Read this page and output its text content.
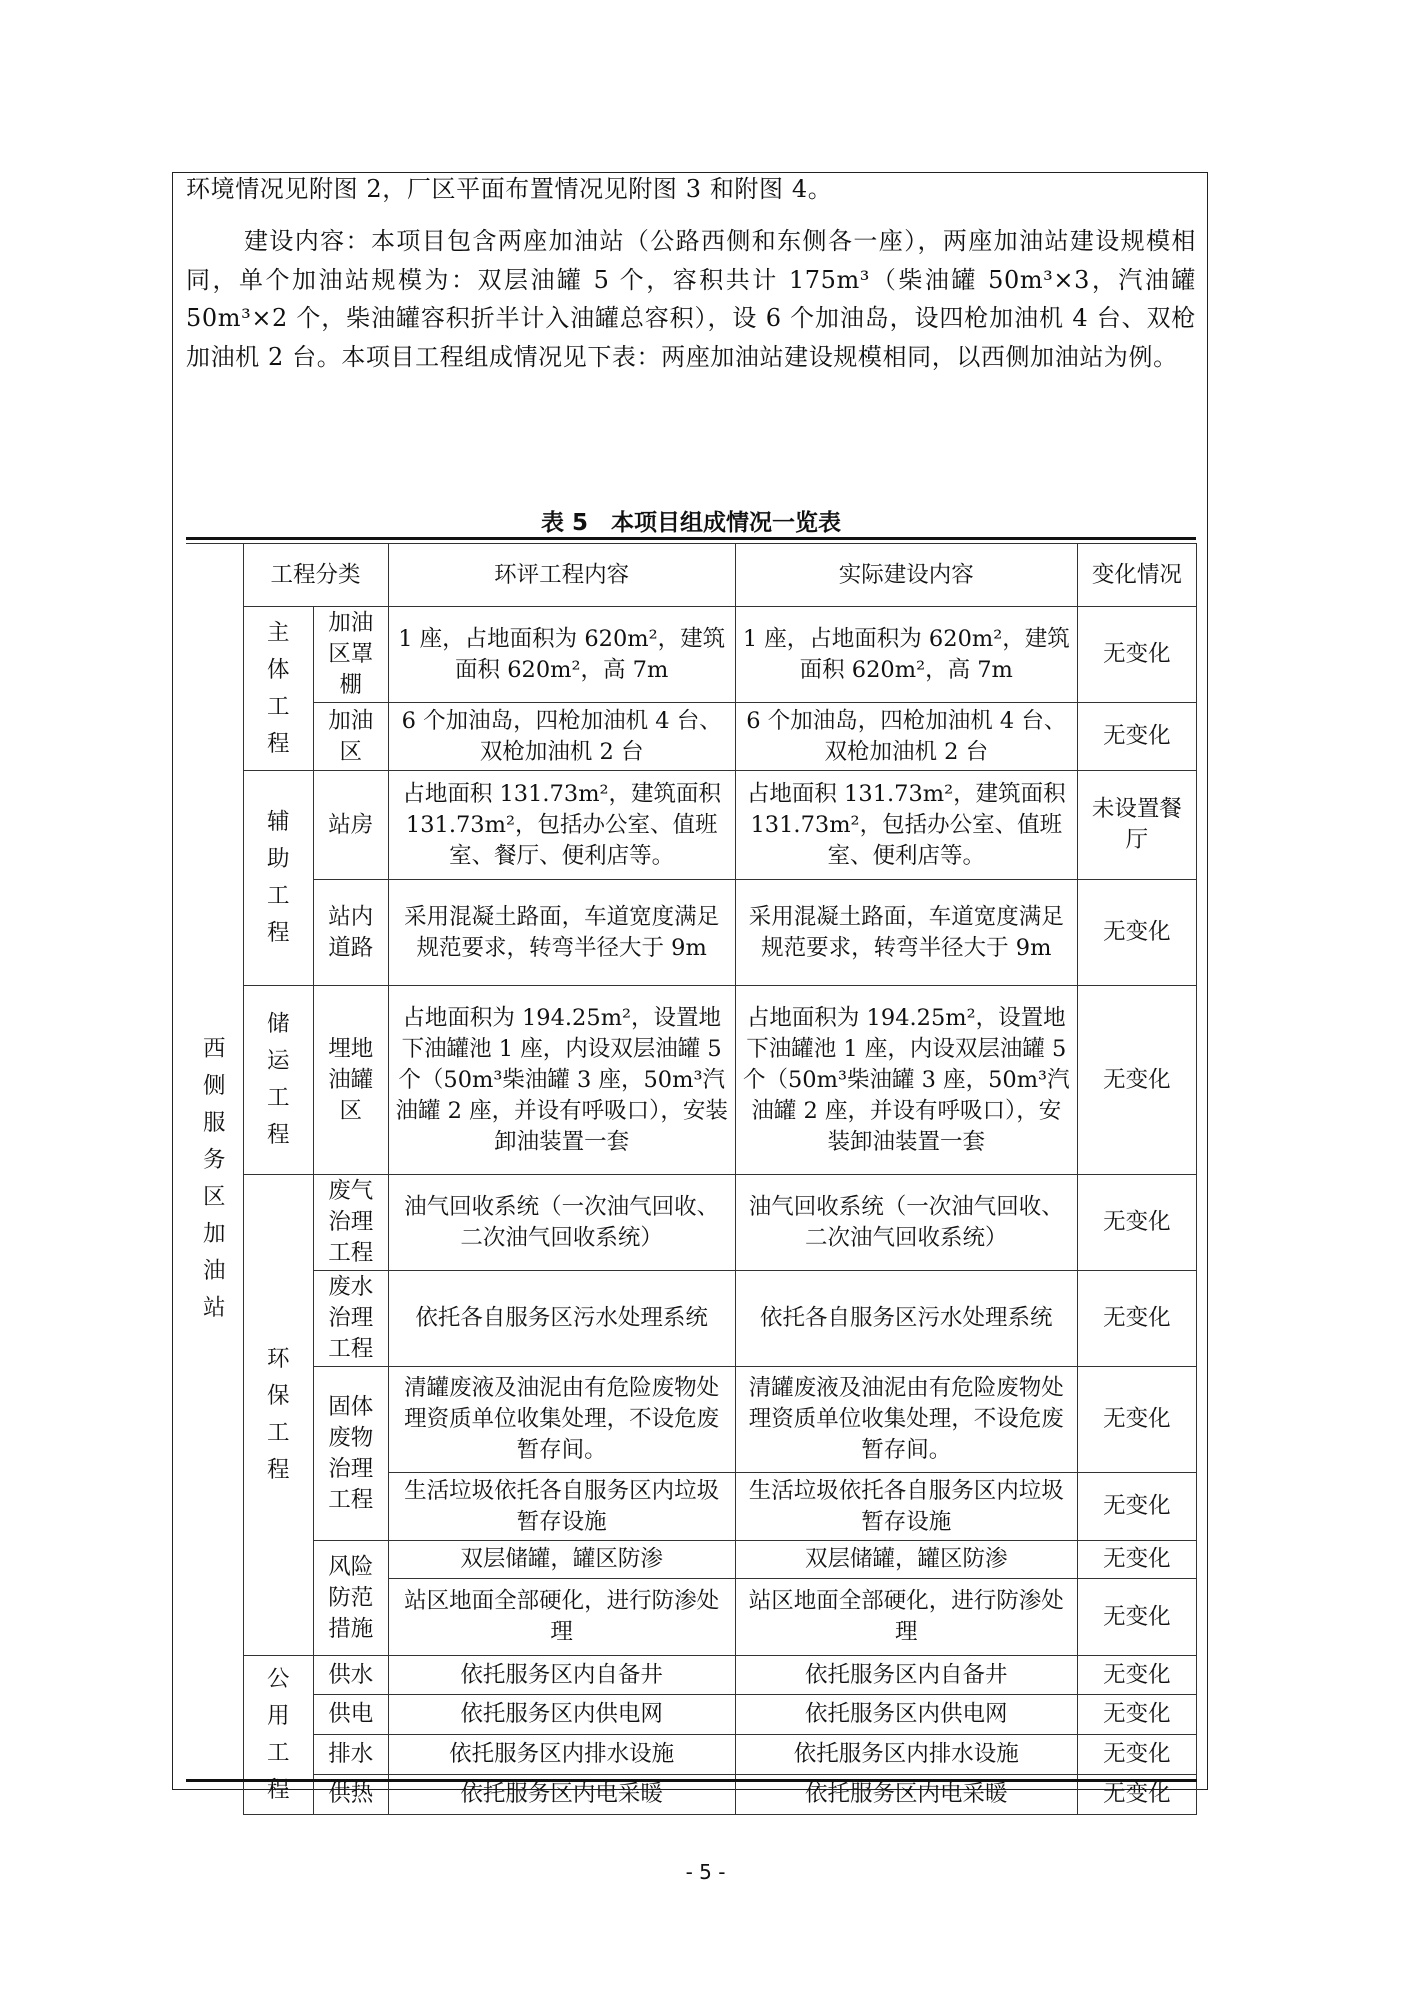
环境情况见附图 2，厂区平面布置情况见附图 3 和附图 4。

建设内容：本项目包含两座加油站（公路西侧和东侧各一座），两座加油站建设规模相同，单个加油站规模为：双层油罐 5 个，容积共计 175m³（柴油罐 50m³×3，汽油罐 50m³×2 个，柴油罐容积折半计入油罐总容积），设 6 个加油岛，设四枪加油机 4 台、双枪加油机 2 台。本项目工程组成情况见下表：两座加油站建设规模相同，以西侧加油站为例。

表 5　本项目组成情况一览表
西侧服务区加油站	工程分类		环评工程内容	实际建设内容	变化情况
	主体工程	加油区罩棚	1 座，占地面积为 620m²，建筑面积 620m²，高 7m	1 座，占地面积为 620m²，建筑面积 620m²，高 7m	无变化
		加油区	6 个加油岛，四枪加油机 4 台、双枪加油机 2 台	6 个加油岛，四枪加油机 4 台、双枪加油机 2 台	无变化
	辅助工程	站房	占地面积 131.73m²，建筑面积 131.73m²，包括办公室、值班室、餐厅、便利店等。	占地面积 131.73m²，建筑面积 131.73m²，包括办公室、值班室、便利店等。	未设置餐厅
		站内道路	采用混凝土路面，车道宽度满足规范要求，转弯半径大于 9m	采用混凝土路面，车道宽度满足规范要求，转弯半径大于 9m	无变化
	储运工程	埋地油罐区	占地面积为 194.25m²，设置地下油罐池 1 座，内设双层油罐 5 个（50m³柴油罐 3 座，50m³汽油罐 2 座，并设有呼吸口），安装卸油装置一套	占地面积为 194.25m²，设置地下油罐池 1 座，内设双层油罐 5 个（50m³柴油罐 3 座，50m³汽油罐 2 座，并设有呼吸口），安装卸油装置一套	无变化
	环保工程	废气治理工程	油气回收系统（一次油气回收、二次油气回收系统）	油气回收系统（一次油气回收、二次油气回收系统）	无变化
		废水治理工程	依托各自服务区污水处理系统	依托各自服务区污水处理系统	无变化
		固体废物治理工程	清罐废液及油泥由有危险废物处理资质单位收集处理，不设危废暂存间。	清罐废液及油泥由有危险废物处理资质单位收集处理，不设危废暂存间。	无变化
			生活垃圾依托各自服务区内垃圾暂存设施	生活垃圾依托各自服务区内垃圾暂存设施	无变化
		风险防范措施	双层储罐，罐区防渗	双层储罐，罐区防渗	无变化
			站区地面全部硬化，进行防渗处理	站区地面全部硬化，进行防渗处理	无变化
	公用工程	供水	依托服务区内自备井	依托服务区内自备井	无变化
		供电	依托服务区内供电网	依托服务区内供电网	无变化
		排水	依托服务区内排水设施	依托服务区内排水设施	无变化
		供热	依托服务区内电采暖	依托服务区内电采暖	无变化
- 5 -
